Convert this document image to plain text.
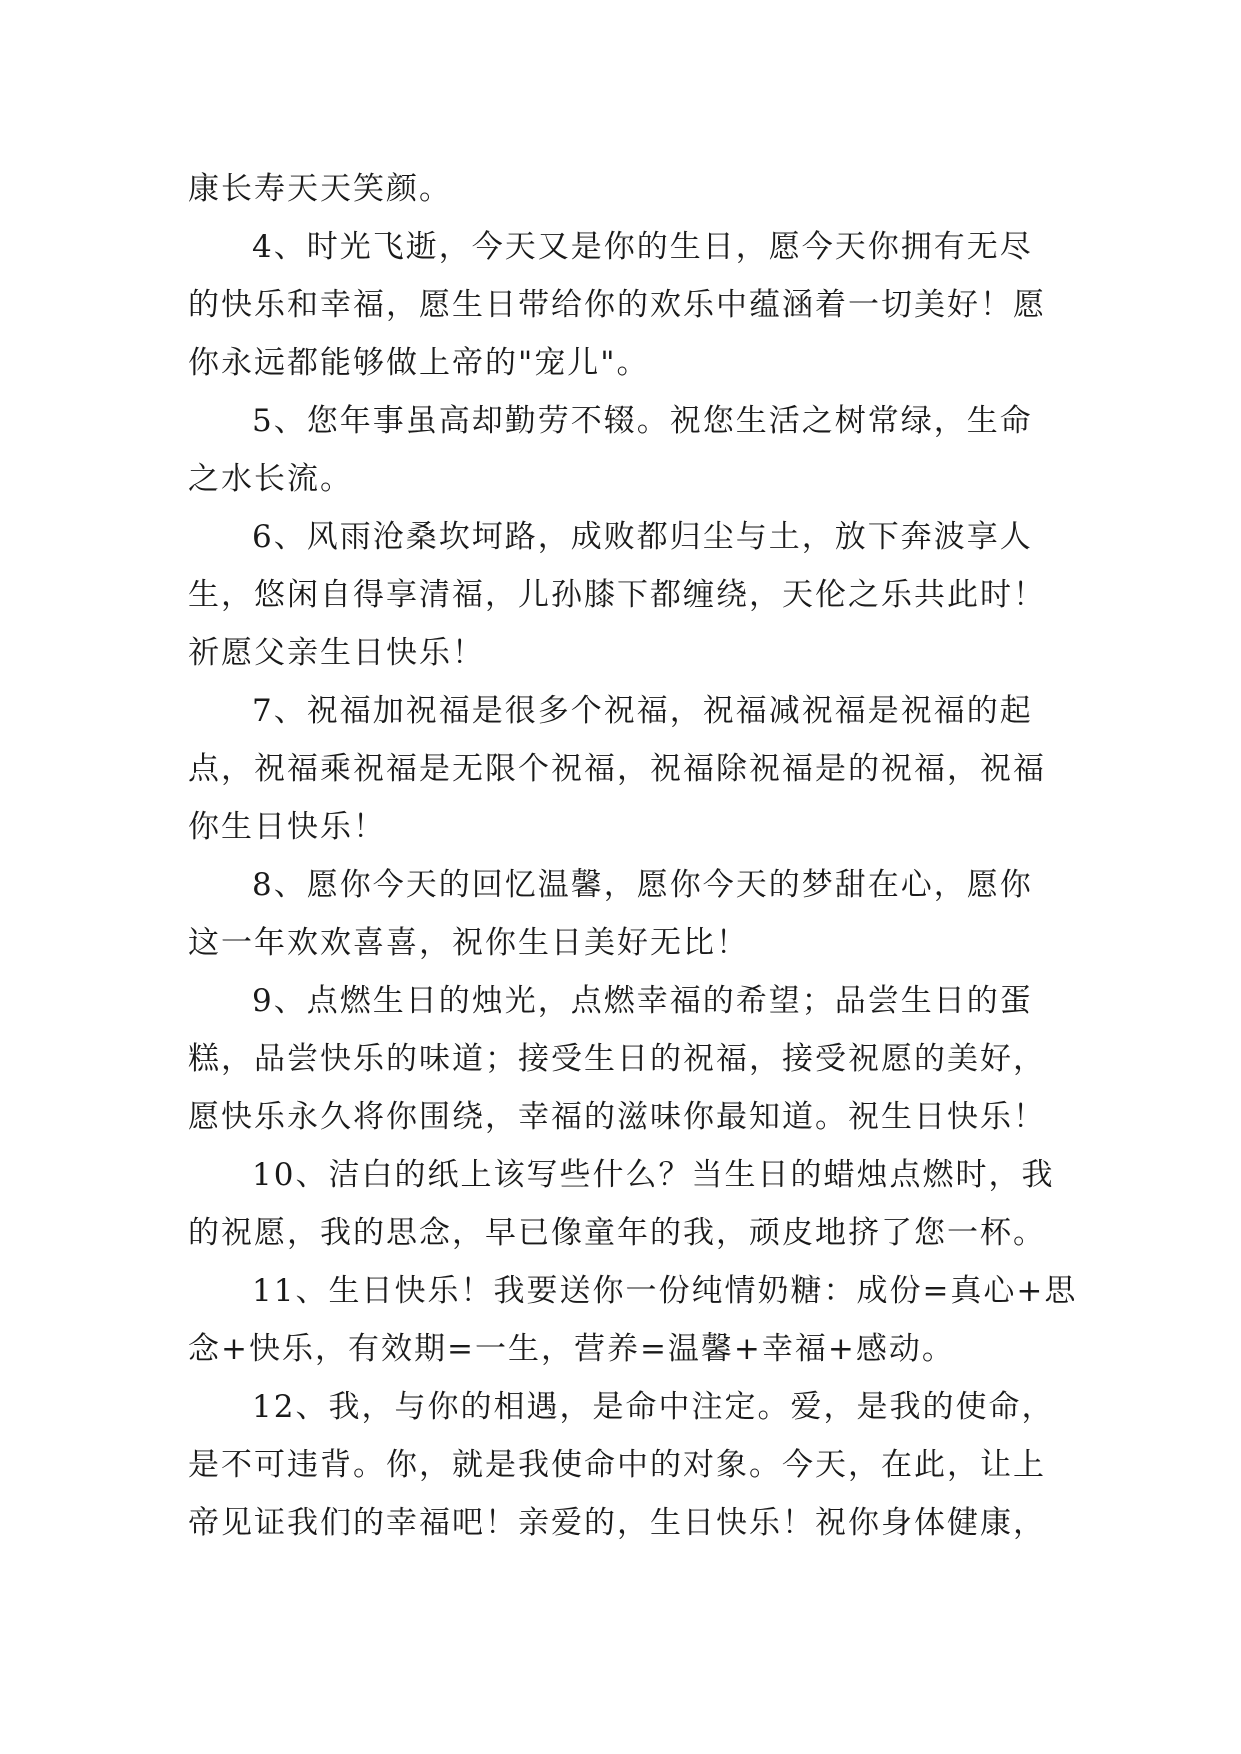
康长寿天天笑颜。
4、时光飞逝，今天又是你的生日，愿今天你拥有无尽
的快乐和幸福，愿生日带给你的欢乐中蕴涵着一切美好！愿
你永远都能够做上帝的"宠儿"。
5、您年事虽高却勤劳不辍。祝您生活之树常绿，生命
之水长流。
6、风雨沧桑坎坷路，成败都归尘与土，放下奔波享人
生，悠闲自得享清福，儿孙膝下都缠绕，天伦之乐共此时！
祈愿父亲生日快乐！
7、祝福加祝福是很多个祝福，祝福减祝福是祝福的起
点，祝福乘祝福是无限个祝福，祝福除祝福是的祝福，祝福
你生日快乐！
8、愿你今天的回忆温馨，愿你今天的梦甜在心，愿你
这一年欢欢喜喜，祝你生日美好无比！
9、点燃生日的烛光，点燃幸福的希望；品尝生日的蛋
糕，品尝快乐的味道；接受生日的祝福，接受祝愿的美好，
愿快乐永久将你围绕，幸福的滋味你最知道。祝生日快乐！
10、洁白的纸上该写些什么？当生日的蜡烛点燃时，我
的祝愿，我的思念，早已像童年的我，顽皮地挤了您一杯。
11、生日快乐！我要送你一份纯情奶糖：成份=真心+思
念+快乐，有效期=一生，营养=温馨+幸福+感动。
12、我，与你的相遇，是命中注定。爱，是我的使命，
是不可违背。你，就是我使命中的对象。今天，在此，让上
帝见证我们的幸福吧！亲爱的，生日快乐！祝你身体健康，
